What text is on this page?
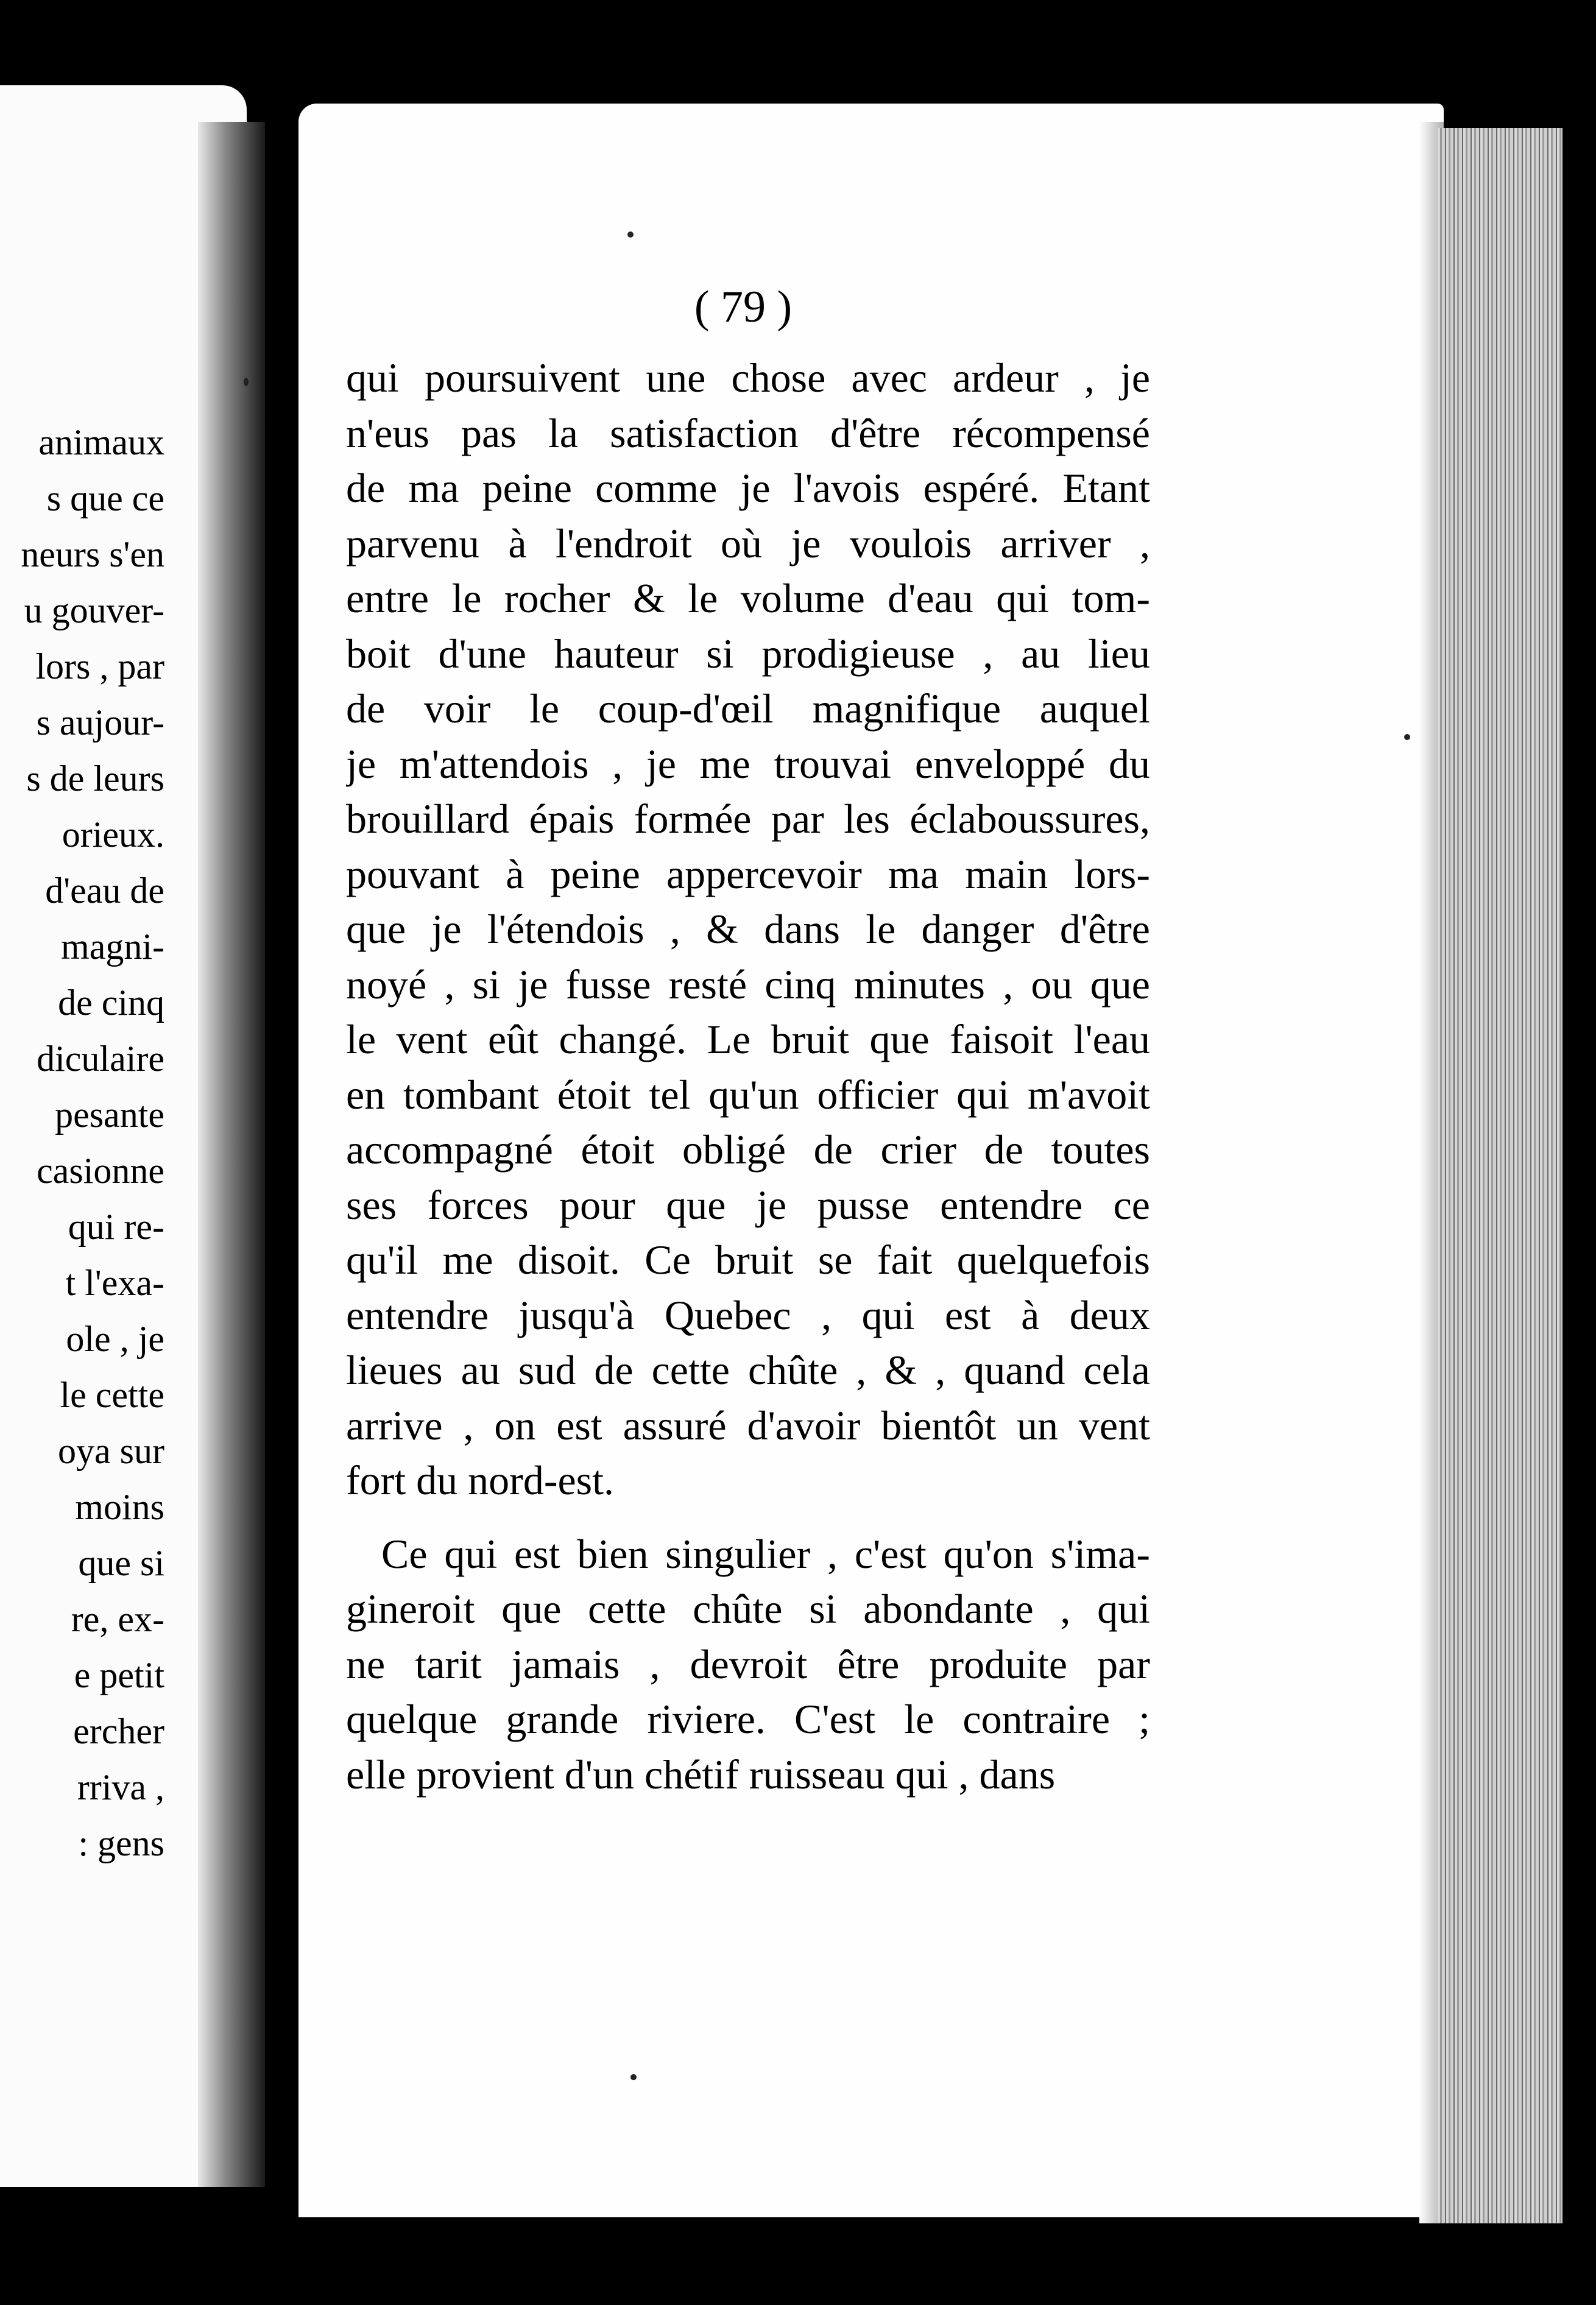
animaux
s que ce
neurs s'en
u gouver-
lors , par
s aujour-
s de leurs
orieux.
d'eau de
magni-
de cinq
diculaire
pesante
casionne
qui re-
t l'exa-
ole , je
le cette
oya sur
moins
que si
re, ex-
e petit
ercher
rriva ,
: gens
( 79 )
qui poursuivent une chose avec ardeur , je
n'eus pas la satisfaction d'être récompensé
de ma peine comme je l'avois espéré. Etant
parvenu à l'endroit où je voulois arriver ,
entre le rocher & le volume d'eau qui tom-
boit d'une hauteur si prodigieuse , au lieu
de voir le coup-d'œil magnifique auquel
je m'attendois , je me trouvai enveloppé du
brouillard épais formée par les éclaboussures,
pouvant à peine appercevoir ma main lors-
que je l'étendois , & dans le danger d'être
noyé , si je fusse resté cinq minutes , ou que
le vent eût changé. Le bruit que faisoit l'eau
en tombant étoit tel qu'un officier qui m'avoit
accompagné étoit obligé de crier de toutes
ses forces pour que je pusse entendre ce
qu'il me disoit. Ce bruit se fait quelquefois
entendre jusqu'à Quebec , qui est à deux
lieues au sud de cette chûte , & , quand cela
arrive , on est assuré d'avoir bientôt un vent
fort du nord-est.
Ce qui est bien singulier , c'est qu'on s'ima-
gineroit que cette chûte si abondante , qui
ne tarit jamais , devroit être produite par
quelque grande riviere. C'est le contraire ;
elle provient d'un chétif ruisseau qui , dans
